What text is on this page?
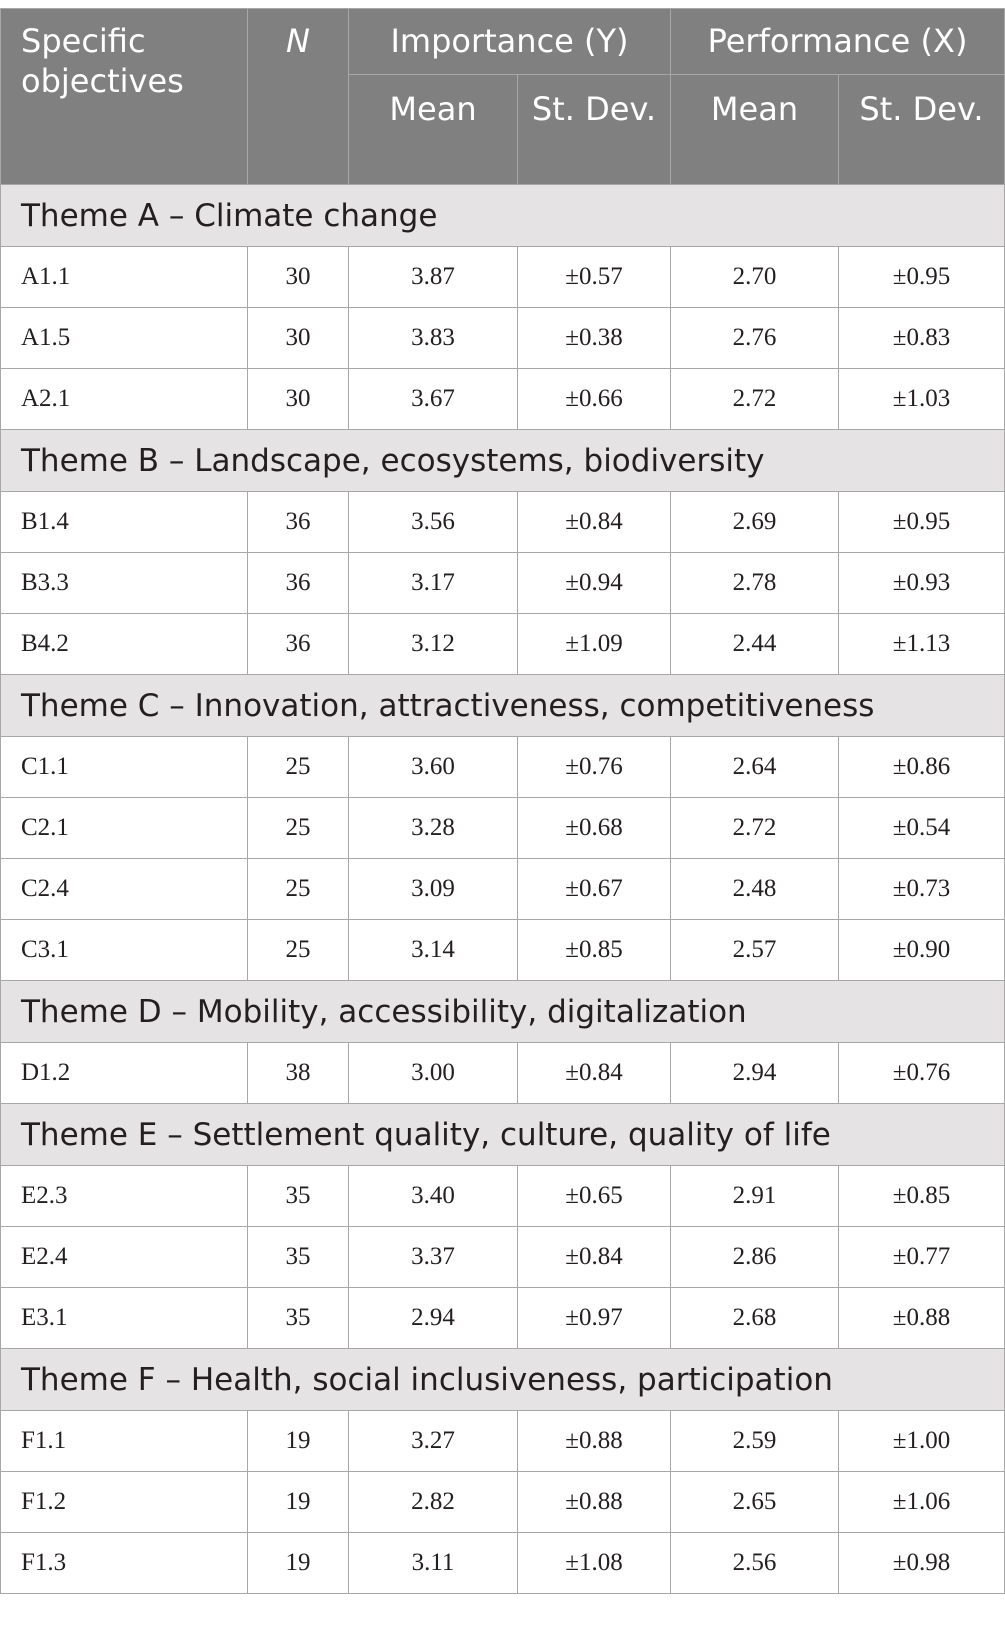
Specific objectives	N	Importance (Y)		Performance (X)	
		Mean	St. Dev.	Mean	St. Dev.
Theme A – Climate change					
A1.1	30	3.87	±0.57	2.70	±0.95
A1.5	30	3.83	±0.38	2.76	±0.83
A2.1	30	3.67	±0.66	2.72	±1.03
Theme B – Landscape, ecosystems, biodiversity					
B1.4	36	3.56	±0.84	2.69	±0.95
B3.3	36	3.17	±0.94	2.78	±0.93
B4.2	36	3.12	±1.09	2.44	±1.13
Theme C – Innovation, attractiveness, competitiveness					
C1.1	25	3.60	±0.76	2.64	±0.86
C2.1	25	3.28	±0.68	2.72	±0.54
C2.4	25	3.09	±0.67	2.48	±0.73
C3.1	25	3.14	±0.85	2.57	±0.90
Theme D – Mobility, accessibility, digitalization					
D1.2	38	3.00	±0.84	2.94	±0.76
Theme E – Settlement quality, culture, quality of life					
E2.3	35	3.40	±0.65	2.91	±0.85
E2.4	35	3.37	±0.84	2.86	±0.77
E3.1	35	2.94	±0.97	2.68	±0.88
Theme F – Health, social inclusiveness, participation					
F1.1	19	3.27	±0.88	2.59	±1.00
F1.2	19	2.82	±0.88	2.65	±1.06
F1.3	19	3.11	±1.08	2.56	±0.98
